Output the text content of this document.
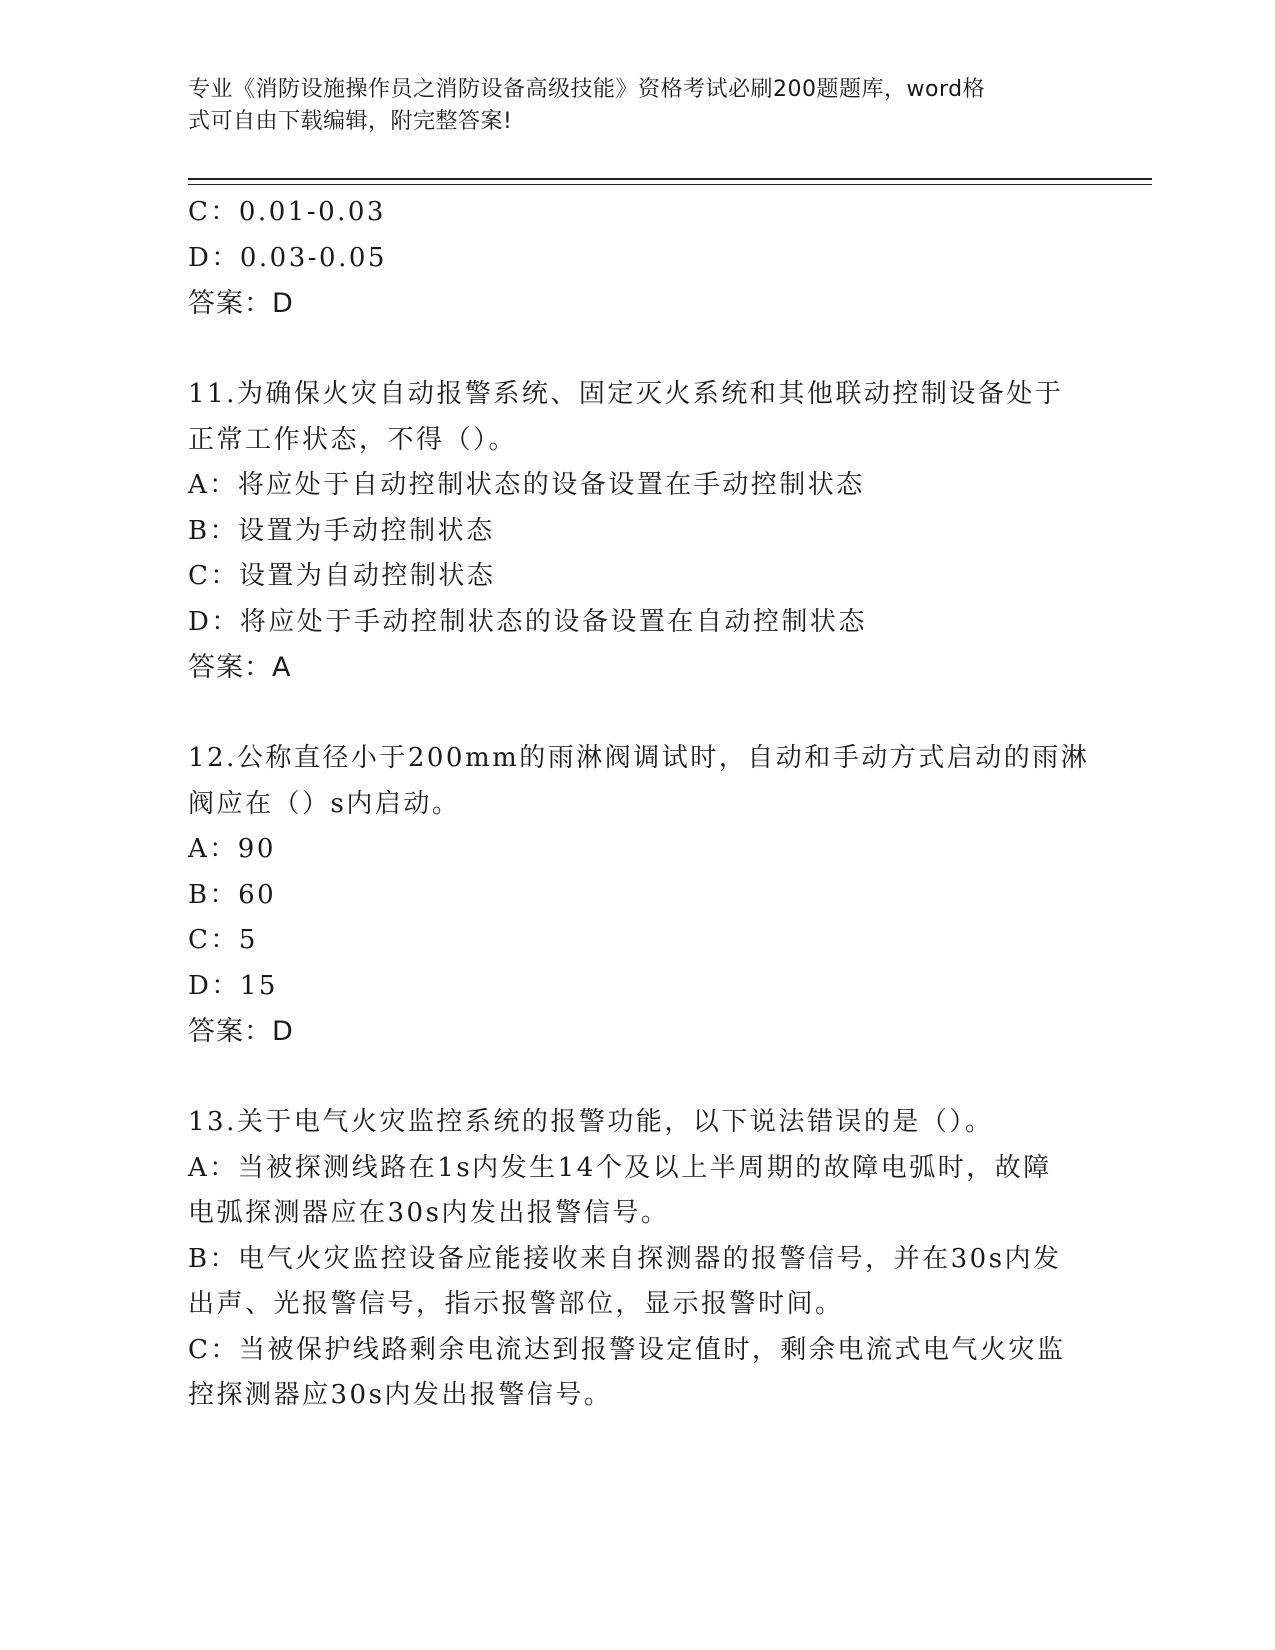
专业《消防设施操作员之消防设备高级技能》资格考试必刷200题题库，word格
式可自由下载编辑，附完整答案!
C：0.01-0.03
D：0.03-0.05
答案：D
11.为确保火灾自动报警系统、固定灭火系统和其他联动控制设备处于
正常工作状态，不得（）。
A：将应处于自动控制状态的设备设置在手动控制状态
B：设置为手动控制状态
C：设置为自动控制状态
D：将应处于手动控制状态的设备设置在自动控制状态
答案：A
12.公称直径小于200mm的雨淋阀调试时，自动和手动方式启动的雨淋
阀应在（）s内启动。
A：90
B：60
C：5
D：15
答案：D
13.关于电气火灾监控系统的报警功能，以下说法错误的是（）。
A：当被探测线路在1s内发生14个及以上半周期的故障电弧时，故障
电弧探测器应在30s内发出报警信号。
B：电气火灾监控设备应能接收来自探测器的报警信号，并在30s内发
出声、光报警信号，指示报警部位，显示报警时间。
C：当被保护线路剩余电流达到报警设定值时，剩余电流式电气火灾监
控探测器应30s内发出报警信号。
